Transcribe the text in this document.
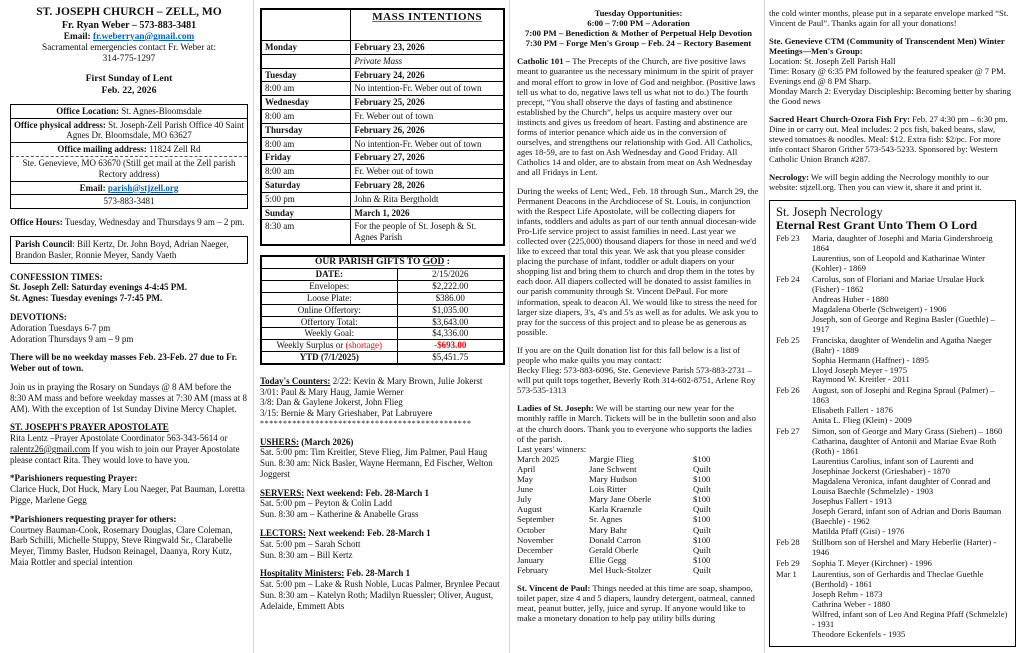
ST. JOSEPH CHURCH – ZELL, MO
Fr. Ryan Weber – 573-883-3481
Email: fr.weberryan@gmail.com
Sacramental emergencies contact Fr. Weber at:
314-775-1297
First Sunday of Lent
Feb. 22, 2026
Office Location: St. Agnes-Bloomsdale
Office physical address: St. Joseph-Zell Parish Office 40 Saint Agnes Dr. Bloomsdale, MO 63627
Office mailing address: 11824 Zell Rd
Ste. Genevieve, MO 63670 (Still get mail at the Zell parish Rectory address)
Email: parish@stjzell.org
573-883-3481
Office Hours: Tuesday, Wednesday and Thursdays 9 am – 2 pm.
Parish Council: Bill Kertz, Dr. John Boyd, Adrian Naeger, Brandon Basler, Ronnie Meyer, Sandy Vaeth
CONFESSION TIMES:
St. Joseph Zell: Saturday evenings 4-4:45 PM.
St. Agnes: Tuesday evenings 7-7:45 PM.
DEVOTIONS:
Adoration Tuesdays 6-7 pm
Adoration Thursdays 9 am – 9 pm
There will be no weekday masses Feb. 23-Feb. 27 due to Fr. Weber out of town.
Join us in praying the Rosary on Sundays @ 8 AM before the 8:30 AM mass and before weekday masses at 7:30 AM (mass at 8 AM). With the exception of 1st Sunday Divine Mercy Chaplet.
ST. JOSEPH'S PRAYER APOSTOLATE
Rita Lentz –Prayer Apostolate Coordinator 563-343-5614 or ralentz26@gmail.com If you wish to join our Prayer Apostolate please contact Rita. They would love to have you.
*Parishioners requesting Prayer:
Clarice Huck, Dot Huck, Mary Lou Naeger, Pat Bauman, Loretta Pigge, Marlene Gegg
*Parishioners requesting prayer for others:
Courtney Bauman-Cook, Rosemary Douglas, Clare Coleman, Barb Schilli, Michelle Stuppy, Steve Ringwald Sr., Clarabelle Meyer, Timmy Basler, Hudson Reinagel, Daanya, Rory Kutz, Maia Rottler and special intention
	MASS INTENTIONS
Monday	February 23, 2026
	Private Mass
Tuesday	February 24, 2026
8:00 am	No intention-Fr. Weber out of town
Wednesday	February 25, 2026
8:00 am	Fr. Weber out of town
Thursday	February 26, 2026
8:00 am	No intention-Fr. Weber out of town
Friday	February 27, 2026
8:00 am	Fr. Weber out of town
Saturday	February 28, 2026
5:00 pm	John & Rita Bergtholdt
Sunday	March 1, 2026
8:30 am	For the people of St. Joseph & St. Agnes Parish
OUR PARISH GIFTS TO GOD :	
DATE:	2/15/2026
Envelopes:	$2,222.00
Loose Plate:	$386.00
Online Offertory:	$1,035.00
Offertory Total:	$3,643.00
Weekly Goal:	$4,336.00
Weekly Surplus or (shortage)	-$693.00
YTD (7/1/2025)	$5,451.75
Today's Counters: 2/22: Kevin & Mary Brown, Julie Jokerst
3/01: Paul & Mary Haug, Jamie Werner
3/8: Dan & Gaylene Jokerst, John Flieg
3/15: Bernie & Mary Grieshaber, Pat Labruyere
**********************************************
USHERS: (March 2026)
Sat. 5:00 pm: Tim Kreitler, Steve Flieg, Jim Palmer, Paul Haug
Sun. 8:30 am: Nick Basler, Wayne Hermann, Ed Fischer, Welton Joggerst
SERVERS: Next weekend: Feb. 28-March 1
Sat. 5:00 pm – Peyton & Colin Ladd
Sun. 8:30 am – Katherine & Anabelle Grass
LECTORS: Next weekend: Feb. 28-March 1
Sat. 5:00 pm – Sarah Schott
Sun. 8:30 am – Bill Kertz
Hospitality Ministers: Feb. 28-March 1
Sat. 5:00 pm – Lake & Rush Noble, Lucas Palmer, Brynlee Pecaut
Sun. 8:30 am – Katelyn Roth; Madilyn Ruessler; Oliver, August, Adelaide, Emmett Abts
Tuesday Opportunities:
6:00 – 7:00 PM – Adoration
7:00 PM – Benediction & Mother of Perpetual Help Devotion
7:30 PM – Forge Men's Group – Feb. 24 – Rectory Basement
Catholic 101 – The Precepts of the Church, are five positive laws meant to guarantee us the necessary minimum in the spirit of prayer and moral effort to grow in love of God and neighbor. (Positive laws tell us what to do, negative laws tell us what not to do.) The fourth precept, “You shall observe the days of fasting and abstinence established by the Church”, helps us acquire mastery over our instincts and gives us freedom of heart. Fasting and abstinence are forms of interior penance which aide us in the conversion of ourselves, and strengthens our relationship with God. All Catholics, ages 18-59, are to fast on Ash Wednesday and Good Friday. All Catholics 14 and older, are to abstain from meat on Ash Wednesday and all Fridays in Lent.
During the weeks of Lent; Wed., Feb. 18 through Sun., March 29, the Permanent Deacons in the Archdiocese of St. Louis, in conjunction with the Respect Life Apostolate, will be collecting diapers for infants, toddlers and adults as part of our tenth annual diocesan-wide Pro-Life service project to assist families in need. Last year we collected over (225,000) thousand diapers for those in need and we'd like to exceed that total this year. We ask that you please consider placing the purchase of infant, toddler or adult diapers on your shopping list and bring them to church and drop them in the totes by each door. All diapers collected will be donated to assist families in our parish community through St. Vincent DePaul. For more information, speak to deacon Al. We would like to stress the need for larger size diapers, 3's, 4's and 5's as well as for adults. We ask you to pray for the success of this project and to please be as generous as possible.
If you are on the Quilt donation list for this fall below is a list of people who make quilts you may contact:
Becky Flieg: 573-883-6096, Ste. Genevieve Parish 573-883-2731 – will put quilt tops together, Beverly Roth 314-602-8751, Arlene Roy 573-535-1313
Ladies of St. Joseph: We will be starting our new year for the monthly raffle in March. Tickets will be in the bulletin soon and also at the church doors. Thank you to everyone who supports the ladies of the parish.
Last years' winners:
March 2025	Margie Flieg	$100
April	Jane Schwent	Quilt
May	Mary Hudson	$100
June	Lois Ritter	Quilt
July	Mary Jane Oberle	$100
August	Karla Kraenzle	Quilt
September	Sr. Agnes	$100
October	Mary Bahr	Quilt
November	Donald Carron	$100
December	Gerald Oberle	Quilt
January	Ellie Gegg	$100
February	Mel Huck-Stolzer	Quilt
St. Vincent de Paul: Things needed at this time are soap, shampoo, toilet paper, size 4 and 5 diapers, laundry detergent, oatmeal, canned meat, peanut butter, jelly, juice and syrup. If anyone would like to make a monetary donation to help pay utility bills during
the cold winter months, please put in a separate envelope marked “St. Vincent de Paul”. Thanks again for all your donations!
Ste. Genevieve CTM (Community of Transcendent Men) Winter Meetings—Men's Group:
Location: St. Joseph Zell Parish Hall
Time: Rosary @ 6:35 PM followed by the featured speaker @ 7 PM. Evenings end @ 8 PM Sharp.
Monday March 2: Everyday Discipleship: Becoming better by sharing the Good news
Sacred Heart Church-Ozora Fish Fry: Feb. 27 4:30 pm – 6:30 pm. Dine in or carry out. Meal includes: 2 pcs fish, baked beans, slaw, stewed tomatoes & noodles. Meal: $12. Extra fish: $2/pc. For more info contact Sharon Grither 573-543-5233. Sponsored by: Western Catholic Union Branch #287.
Necrology: We will begin adding the Necrology monthly to our website: stjzell.org. Then you can view it, share it and print it.
St. Joseph Necrology
Eternal Rest Grant Unto Them O Lord
Feb 23	Maria, daughter of Josephi and Maria Gindershroeig 1864
Laurentius, son of Leopold and Katharinae Winter (Kohler) - 1869
Feb 24	Carolus, son of Floriani and Mariae Ursulae Huck (Fisher) - 1862
Andreas Huber - 1880
Magdalena Oberle (Schweigert) - 1906
Joseph, son of George and Regina Basler (Guethle) – 1917
Feb 25	Franciska, daughter of Wendelin and Agatha Naeger (Bahr) - 1889
Sophia Hermann (Haffner) - 1895
Lloyd Joseph Meyer - 1975
Raymond W. Kreitler - 2011
Feb 26	August, son of Josephi and Regina Spraul (Palmer) – 1863
Elisabeth Fallert - 1876
Anita L. Flieg (Klein) - 2009
Feb 27	Simon, son of George and Mary Grass (Siebert) – 1860
Catharina, daughter of Antonii and Mariae Evae Roth (Roth) - 1861
Laurentius Carolius, infant son of Laurenti and Josephinae Jockerst (Grieshaber) - 1870
Magdalena Veronica, infant daughter of Conrad and Louisa Baechle (Schmelzle) - 1903
Josephus Fallert - 1913
Joseph Gerard, infant son of Adrian and Doris Bauman (Baechle) - 1962
Matilda Pfaff (Gisi) - 1976
Feb 28	Stillborn son of Hershel and Mary Heberlie (Harter) - 1946
Feb 29	Sophia T. Meyer (Kirchner) - 1996
Mar 1	Laurentius, son of Gerhardis and Theclae Guethle (Berthold) - 1861
Joseph Rehm - 1873
Cathrina Weber - 1880
Wilfred, infant son of Leo And Regina Pfaff (Schmelzle) - 1931
Theodore Eckenfels - 1935
